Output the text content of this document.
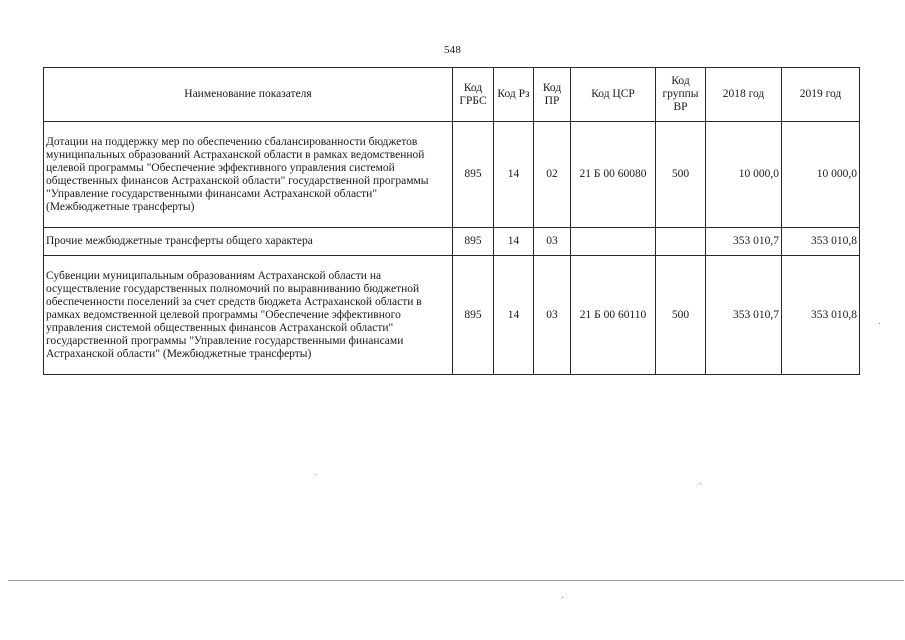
548
Наименование показателя	Код ГРБС	Код Рз	Код ПР	Код ЦСР	Код группы ВР	2018 год	2019 год
Дотации на поддержку мер по обеспечению сбалансированности бюджетов муниципальных образований Астраханской области в рамках ведомственной целевой программы "Обеспечение эффективного управления системой общественных финансов Астраханской области" государственной программы "Управление государственными финансами Астраханской области" (Межбюджетные трансферты)	895	14	02	21 Б 00 60080	500	10 000,0	10 000,0
Прочие межбюджетные трансферты общего характера	895	14	03			353 010,7	353 010,8
Субвенции муниципальным образованиям Астраханской области на осуществление государственных полномочий по выравниванию бюджетной обеспеченности поселений за счет средств бюджета Астраханской области в рамках ведомственной целевой программы "Обеспечение эффективного управления системой общественных финансов Астраханской области" государственной программы "Управление государственными финансами Астраханской области" (Межбюджетные трансферты)	895	14	03	21 Б 00 60110	500	353 010,7	353 010,8
